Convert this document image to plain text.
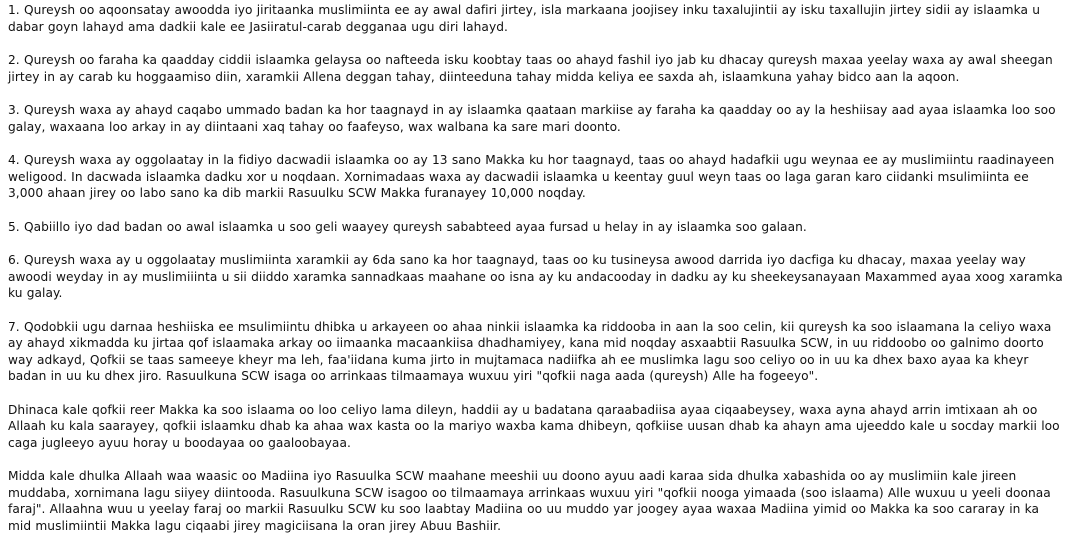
1. Qureysh oo aqoonsatay awoodda iyo jiritaanka muslimiinta ee ay awal dafiri jirtey, isla markaana joojisey inku taxalujintii ay isku taxallujin jirtey sidii ay islaamka u dabar goyn lahayd ama dadkii kale ee Jasiiratul-carab degganaa ugu diri lahayd.

2. Qureysh oo faraha ka qaadday ciddii islaamka gelaysa oo nafteeda isku koobtay taas oo ahayd fashil iyo jab ku dhacay qureysh maxaa yeelay waxa ay awal sheegan jirtey in ay carab ku hoggaamiso diin, xaramkii Allena deggan tahay, diinteeduna tahay midda keliya ee saxda ah, islaamkuna yahay bidco aan la aqoon.

3. Qureysh waxa ay ahayd caqabo ummado badan ka hor taagnayd in ay islaamka qaataan markiise ay faraha ka qaadday oo ay la heshiisay aad ayaa islaamka loo soo galay, waxaana loo arkay in ay diintaani xaq tahay oo faafeyso, wax walbana ka sare mari doonto.

4. Qureysh waxa ay oggolaatay in la fidiyo dacwadii islaamka oo ay 13 sano Makka ku hor taagnayd, taas oo ahayd hadafkii ugu weynaa ee ay muslimiintu raadinayeen weligood. In dacwada islaamka dadku xor u noqdaan. Xornimadaas waxa ay dacwadii islaamka u keentay guul weyn taas oo laga garan karo ciidanki msulimiinta ee 3,000 ahaan jirey oo labo sano ka dib markii Rasuulku SCW Makka furanayey 10,000 noqday.

5. Qabiillo iyo dad badan oo awal islaamka u soo geli waayey qureysh sababteed ayaa fursad u helay in ay islaamka soo galaan.

6. Qureysh waxa ay u oggolaatay muslimiinta xaramkii ay 6da sano ka hor taagnayd, taas oo ku tusineysa awood darrida iyo dacfiga ku dhacay, maxaa yeelay way awoodi weyday in ay muslimiiinta u sii diiddo xaramka sannadkaas maahane oo isna ay ku andacooday in dadku ay ku sheekeysanayaan Maxammed ayaa xoog xaramka ku galay.

7. Qodobkii ugu darnaa heshiiska ee msulimiintu dhibka u arkayeen oo ahaa ninkii islaamka ka riddooba in aan la soo celin, kii qureysh ka soo islaamana la celiyo waxa ay ahayd xikmadda ku jirtaa qof islaamaka arkay oo iimaanka macaankiisa dhadhamiyey, kana mid noqday asxaabtii Rasuulka SCW, in uu riddoobo oo galnimo doorto way adkayd, Qofkii se taas sameeye kheyr ma leh, faa'iidana kuma jirto in mujtamaca nadiifka ah ee muslimka lagu soo celiyo oo in uu ka dhex baxo ayaa ka kheyr badan in uu ku dhex jiro. Rasuulkuna SCW isaga oo arrinkaas tilmaamaya wuxuu yiri "qofkii naga aada (qureysh) Alle ha fogeeyo".

Dhinaca kale qofkii reer Makka ka soo islaama oo loo celiyo lama dileyn, haddii ay u badatana qaraabadiisa ayaa ciqaabeysey, waxa ayna ahayd arrin imtixaan ah oo Allaah ku kala saarayey, qofkii islaamku dhab ka ahaa wax kasta oo la mariyo waxba kama dhibeyn, qofkiise uusan dhab ka ahayn ama ujeeddo kale u socday markii loo caga jugleeyo ayuu horay u boodayaa oo gaaloobayaa.

Midda kale dhulka Allaah waa waasic oo Madiina iyo Rasuulka SCW maahane meeshii uu doono ayuu aadi karaa sida dhulka xabashida oo ay muslimiin kale jireen muddaba, xornimana lagu siiyey diintooda. Rasuulkuna SCW isagoo oo tilmaamaya arrinkaas wuxuu yiri "qofkii nooga yimaada (soo islaama) Alle wuxuu u yeeli doonaa faraj". Allaahna wuu u yeelay faraj oo markii Rasuulku SCW ku soo laabtay Madiina oo uu muddo yar joogey ayaa waxaa Madiina yimid oo Makka ka soo cararay in ka mid muslimiintii Makka lagu ciqaabi jirey magiciisana la oran jirey Abuu Bashiir.
